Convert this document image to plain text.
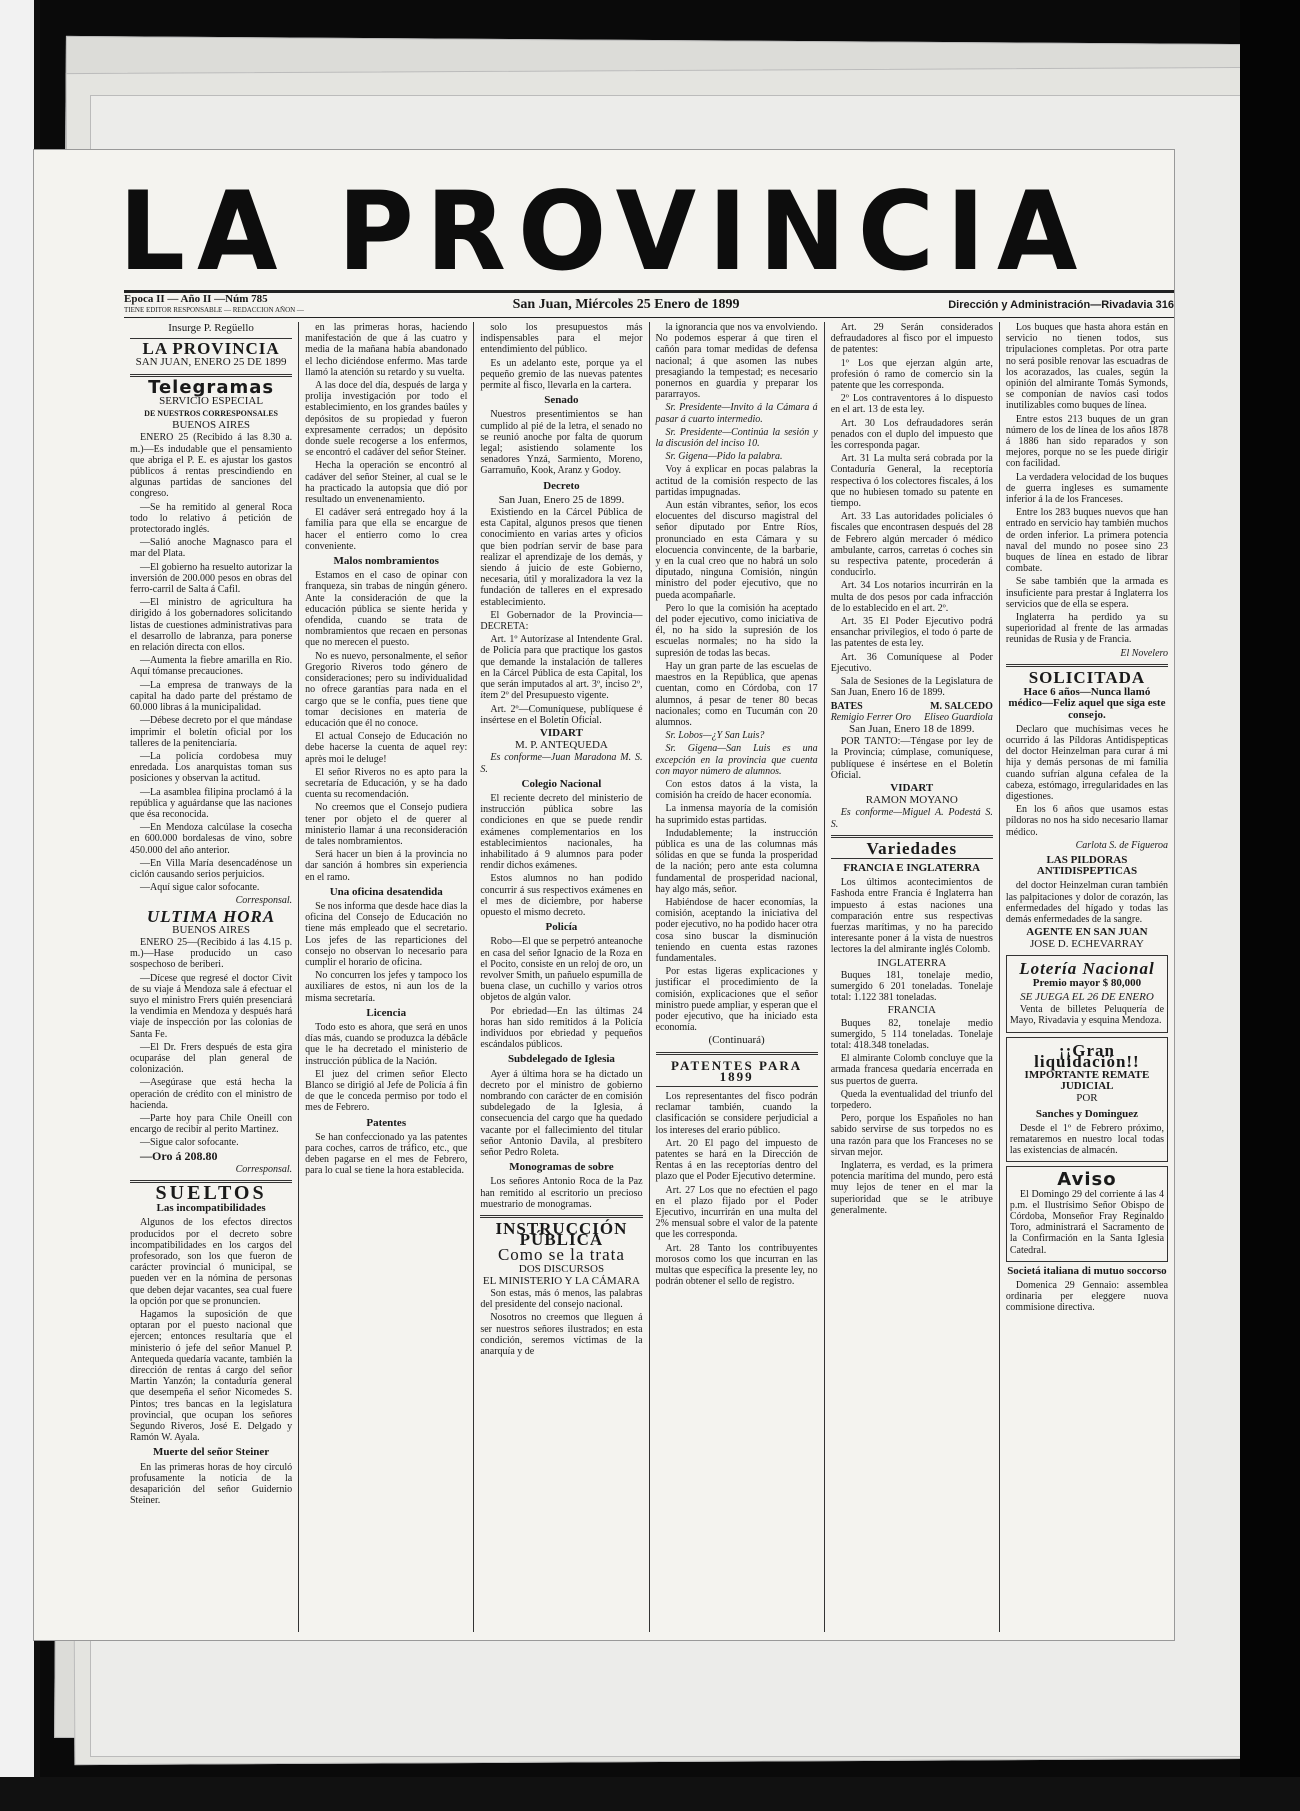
LA PROVINCIA
Epoca II — Año II —Núm 785
TIENE EDITOR RESPONSABLE — REDACCION AÑON —	San Juan, Miércoles 25 Enero de 1899	Dirección y Administración—Rivadavia 316
Insurge P. Regüello
LA PROVINCIA
SAN JUAN, ENERO 25 DE 1899
Telegramas
SERVICIO ESPECIAL
DE NUESTROS CORRESPONSALES
BUENOS AIRES

ENERO 25 (Recibido á las 8.30 a. m.)—Es indudable que el pensamiento que abriga el P. E. es ajustar los gastos públicos á rentas prescindiendo en algunas partidas de sanciones del congreso.

—Se ha remitido al general Roca todo lo relativo á petición de protectorado inglés.

—Salió anoche Magnasco para el mar del Plata.

—El gobierno ha resuelto autorizar la inversión de 200.000 pesos en obras del ferro-carril de Salta á Cafil.

—El ministro de agricultura ha dirigido á los gobernadores solicitando listas de cuestiones administrativas para el desarrollo de labranza, para ponerse en relación directa con ellos.

—Aumenta la fiebre amarilla en Rio. Aquí tómanse precauciones.

—La empresa de tranways de la capital ha dado parte del préstamo de 60.000 libras á la municipalidad.

—Débese decreto por el que mándase imprimir el boletín oficial por los talleres de la penitenciaría.

—La policía cordobesa muy enredada. Los anarquistas toman sus posiciones y observan la actitud.

—La asamblea filipina proclamó á la república y aguárdanse que las naciones que ésa reconocida.

—En Mendoza calcúlase la cosecha en 600.000 bordalesas de vino, sobre 450.000 del año anterior.

—En Villa María desencadénose un ciclón causando serios perjuicios.

—Aquí sigue calor sofocante.

Corresponsal.
ULTIMA HORA
BUENOS AIRES

ENERO 25—(Recibido á las 4.15 p. m.)—Hase producido un caso sospechoso de beriberi.

—Dícese que regresé el doctor Civit de su viaje á Mendoza sale á efectuar el suyo el ministro Frers quién presenciará la vendimia en Mendoza y después hará viaje de inspección por las colonias de Santa Fe.

—El Dr. Frers después de esta gira ocuparáse del plan general de colonización.

—Asegúrase que está hecha la operación de crédito con el ministro de hacienda.

—Parte hoy para Chile Oneill con encargo de recibir al perito Martinez.

—Sigue calor sofocante.

—Oro á 208.80

Corresponsal.
SUELTOS
Las incompatibilidades

Algunos de los efectos directos producidos por el decreto sobre incompatibilidades en los cargos del profesorado, son los que fueron de carácter provincial ó municipal, se pueden ver en la nómina de personas que deben dejar vacantes, sea cual fuere la opción por que se pronuncien.

Hagamos la suposición de que optaran por el puesto nacional que ejercen; entonces resultaría que el ministerio ó jefe del señor Manuel P. Antequeda quedaría vacante, también la dirección de rentas á cargo del señor Martin Yanzón; la contaduría general que desempeña el señor Nicomedes S. Pintos; tres bancas en la legislatura provincial, que ocupan los señores Segundo Riveros, José E. Delgado y Ramón W. Ayala.

Muerte del señor Steiner

En las primeras horas de hoy circuló profusamente la noticia de la desaparición del señor Guidernio Steiner.

en las primeras horas, haciendo manifestación de que á las cuatro y media de la mañana había abandonado el lecho diciéndose enfermo. Mas tarde llamó la atención su retardo y su vuelta.

A las doce del día, después de larga y prolija investigación por todo el establecimiento, en los grandes baúles y depósitos de su propiedad y fueron expresamente cerrados; un depósito donde suele recogerse a los enfermos, se encontró el cadáver del señor Steiner.

Hecha la operación se encontró al cadáver del señor Steiner, al cual se le ha practicado la autopsia que dió por resultado un envenenamiento.

El cadáver será entregado hoy á la familia para que ella se encargue de hacer el entierro como lo crea conveniente.

Malos nombramientos

Estamos en el caso de opinar con franqueza, sin trabas de ningún género. Ante la consideración de que la educación pública se siente herida y ofendida, cuando se trata de nombramientos que recaen en personas que no merecen el puesto.

No es nuevo, personalmente, el señor Gregorio Riveros todo género de consideraciones; pero su individualidad no ofrece garantías para nada en el cargo que se le confía, pues tiene que tomar decisiones en materia de educación que él no conoce.

El actual Consejo de Educación no debe hacerse la cuenta de aquel rey: après moi le deluge!

El señor Riveros no es apto para la secretaría de Educación, y se ha dado cuenta su recomendación.

No creemos que el Consejo pudiera tener por objeto el de querer al ministerio llamar á una reconsideración de tales nombramientos.

Será hacer un bien á la provincia no dar sanción á hombres sin experiencia en el ramo.

Una oficina desatendida

Se nos informa que desde hace dias la oficina del Consejo de Educación no tiene más empleado que el secretario. Los jefes de las reparticiones del consejo no observan lo necesario para cumplir el horario de oficina.

No concurren los jefes y tampoco los auxiliares de estos, ni aun los de la misma secretaría.

Licencia

Todo esto es ahora, que será en unos días más, cuando se produzca la débâcle que le ha decretado el ministerio de instrucción pública de la Nación.

El juez del crimen señor Electo Blanco se dirigió al Jefe de Policía á fin de que le conceda permiso por todo el mes de Febrero.

Patentes

Se han confeccionado ya las patentes para coches, carros de tráfico, etc., que deben pagarse en el mes de Febrero, para lo cual se tiene la hora establecida.

solo los presupuestos más indispensables para el mejor entendimiento del público.

Es un adelanto este, porque ya el pequeño gremio de las nuevas patentes permite al fisco, llevarla en la cartera.

Senado

Nuestros presentimientos se han cumplido al pié de la letra, el senado no se reunió anoche por falta de quorum legal; asistiendo solamente los senadores Ynzá, Sarmiento, Moreno, Garramuño, Kook, Aranz y Godoy.

Decreto
San Juan, Enero 25 de 1899.

Existiendo en la Cárcel Pública de esta Capital, algunos presos que tienen conocimiento en varias artes y oficios que bien podrían servir de base para realizar el aprendizaje de los demás, y siendo á juicio de este Gobierno, necesaria, útil y moralizadora la vez la fundación de talleres en el expresado establecimiento.

El Gobernador de la Provincia—DECRETA:

Art. 1º Autorízase al Intendente Gral. de Policía para que practique los gastos que demande la instalación de talleres en la Cárcel Pública de esta Capital, los que serán imputados al art. 3º, inciso 2º, ítem 2º del Presupuesto vigente.

Art. 2º—Comuníquese, publíquese é insértese en el Boletín Oficial.

VIDART
M. P. ANTEQUEDA

Es conforme—Juan Maradona M. S. S.

Colegio Nacional

El reciente decreto del ministerio de instrucción pública sobre las condiciones en que se puede rendir exámenes complementarios en los establecimientos nacionales, ha inhabilitado á 9 alumnos para poder rendir dichos exámenes.

Estos alumnos no han podido concurrir á sus respectivos exámenes en el mes de diciembre, por haberse opuesto el mismo decreto.

Policía

Robo—El que se perpetró anteanoche en casa del señor Ignacio de la Roza en el Pocito, consiste en un reloj de oro, un revolver Smith, un pañuelo espumilla de buena clase, un cuchillo y varios otros objetos de algún valor.

Por ebriedad—En las últimas 24 horas han sido remitidos á la Policía individuos por ebriedad y pequeños escándalos públicos.

Subdelegado de Iglesia

Ayer á última hora se ha dictado un decreto por el ministro de gobierno nombrando con carácter de en comisión subdelegado de la Iglesia, á consecuencia del cargo que ha quedado vacante por el fallecimiento del titular señor Antonio Davila, al presbítero señor Pedro Roleta.

Monogramas de sobre

Los señores Antonio Roca de la Paz han remitido al escritorio un precioso muestrario de monogramas.

INSTRUCCIÓN PÚBLICA
Como se la trata
DOS DISCURSOS
EL MINISTERIO Y LA CÁMARA

Son estas, más ó menos, las palabras del presidente del consejo nacional.

Nosotros no creemos que lleguen á ser nuestros señores ilustrados; en esta condición, seremos víctimas de la anarquía y de

la ignorancia que nos va envolviendo. No podemos esperar á que tiren el cañón para tomar medidas de defensa nacional; á que asomen las nubes presagiando la tempestad; es necesario ponernos en guardia y preparar los pararrayos.

Sr. Presidente—Invito á la Cámara á pasar á cuarto intermedio.

Sr. Presidente—Continúa la sesión y la discusión del inciso 10.

Sr. Gigena—Pido la palabra.

Voy á explicar en pocas palabras la actitud de la comisión respecto de las partidas impugnadas.

Aun están vibrantes, señor, los ecos elocuentes del discurso magistral del señor diputado por Entre Ríos, pronunciado en esta Cámara y su elocuencia convincente, de la barbarie, y en la cual creo que no habrá un solo diputado, ninguna Comisión, ningún ministro del poder ejecutivo, que no pueda acompañarle.

Pero lo que la comisión ha aceptado del poder ejecutivo, como iniciativa de él, no ha sido la supresión de los escuelas normales; no ha sido la supresión de todas las becas.

Hay un gran parte de las escuelas de maestros en la República, que apenas cuentan, como en Córdoba, con 17 alumnos, á pesar de tener 80 becas nacionales; como en Tucumán con 20 alumnos.

Sr. Lobos—¿Y San Luis?

Sr. Gigena—San Luis es una excepción en la provincia que cuenta con mayor número de alumnos.

Con estos datos á la vista, la comisión ha creído de hacer economía.

La inmensa mayoría de la comisión ha suprimido estas partidas.

Indudablemente; la instrucción pública es una de las columnas más sólidas en que se funda la prosperidad de la nación; pero ante esta columna fundamental de prosperidad nacional, hay algo más, señor.

Habiéndose de hacer economías, la comisión, aceptando la iniciativa del poder ejecutivo, no ha podido hacer otra cosa sino buscar la disminución teniendo en cuenta estas razones fundamentales.

Por estas ligeras explicaciones y justificar el procedimiento de la comisión, explicaciones que el señor ministro puede ampliar, y esperan que el poder ejecutivo, que ha iniciado esta economía.

(Continuará)
PATENTES PARA 1899

Los representantes del fisco podrán reclamar también, cuando la clasificación se considere perjudicial a los intereses del erario público.

Art. 20 El pago del impuesto de patentes se hará en la Dirección de Rentas á en las receptorías dentro del plazo que el Poder Ejecutivo determine.

Art. 27 Los que no efectúen el pago en el plazo fijado por el Poder Ejecutivo, incurrirán en una multa del 2% mensual sobre el valor de la patente que les corresponda.

Art. 28 Tanto los contribuyentes morosos como los que incurran en las multas que específica la presente ley, no podrán obtener el sello de registro.

Art. 29 Serán considerados defraudadores al fisco por el impuesto de patentes:

1º Los que ejerzan algún arte, profesión ó ramo de comercio sin la patente que les corresponda.

2º Los contraventores á lo dispuesto en el art. 13 de esta ley.

Art. 30 Los defraudadores serán penados con el duplo del impuesto que les corresponda pagar.

Art. 31 La multa será cobrada por la Contaduría General, la receptoría respectiva ó los colectores fiscales, á los que no hubiesen tomado su patente en tiempo.

Art. 33 Las autoridades policiales ó fiscales que encontrasen después del 28 de Febrero algún mercader ó médico ambulante, carros, carretas ó coches sin su respectiva patente, procederán á conducirlo.

Art. 34 Los notarios incurrirán en la multa de dos pesos por cada infracción de lo establecido en el art. 2º.

Art. 35 El Poder Ejecutivo podrá ensanchar privilegios, el todo ó parte de las patentes de esta ley.

Art. 36 Comuníquese al Poder Ejecutivo.

Sala de Sesiones de la Legislatura de San Juan, Enero 16 de 1899.

BATES
Remigio Ferrer Oro
M. SALCEDO
Eliseo Guardiola
San Juan, Enero 18 de 1899.

POR TANTO:—Téngase por ley de la Provincia; cúmplase, comuníquese, publíquese é insértese en el Boletín Oficial.

VIDART
RAMON MOYANO

Es conforme—Miguel A. Podestá S. S.

Variedades
FRANCIA E INGLATERRA

Los últimos acontecimientos de Fashoda entre Francia é Inglaterra han impuesto á estas naciones una comparación entre sus respectivas fuerzas marítimas, y no ha parecido interesante poner á la vista de nuestros lectores la del almirante inglés Colomb.

INGLATERRA

Buques 181, tonelaje medio, sumergido 6 201 toneladas. Tonelaje total: 1.122 381 toneladas.

FRANCIA

Buques 82, tonelaje medio sumergido, 5 114 toneladas. Tonelaje total: 418.348 toneladas.

El almirante Colomb concluye que la armada francesa quedaría encerrada en sus puertos de guerra.

Queda la eventualidad del triunfo del torpedero.

Pero, porque los Españoles no han sabido servirse de sus torpedos no es una razón para que los Franceses no se sirvan mejor.

Inglaterra, es verdad, es la primera potencia marítima del mundo, pero está muy lejos de tener en el mar la superioridad que se le atribuye generalmente.

Los buques que hasta ahora están en servicio no tienen todos, sus tripulaciones completas. Por otra parte no será posible renovar las escuadras de los acorazados, las cuales, según la opinión del almirante Tomás Symonds, se componían de navíos casi todos inutilizables como buques de línea.

Entre estos 213 buques de un gran número de los de línea de los años 1878 á 1886 han sido reparados y son mejores, porque no se les puede dirigir con facilidad.

La verdadera velocidad de los buques de guerra ingleses es sumamente inferior á la de los Franceses.

Entre los 283 buques nuevos que han entrado en servicio hay también muchos de orden inferior. La primera potencia naval del mundo no posee sino 23 buques de línea en estado de librar combate.

Se sabe también que la armada es insuficiente para prestar á Inglaterra los servicios que de ella se espera.

Inglaterra ha perdido ya su superioridad al frente de las armadas reunidas de Rusia y de Francia.

El Novelero
SOLICITADA
Hace 6 años—Nunca llamó médico—Feliz aquel que siga este consejo.

Declaro que muchísimas veces he ocurrido á las Píldoras Antidispepticas del doctor Heinzelman para curar á mi hija y demás personas de mi familia cuando sufrían alguna cefalea de la cabeza, estómago, irregularidades en las digestiones.

En los 6 años que usamos estas píldoras no nos ha sido necesario llamar médico.

Carlota S. de Figueroa
LAS PILDORAS ANTIDISPEPTICAS

del doctor Heinzelman curan también las palpitaciones y dolor de corazón, las enfermedades del hígado y todas las demás enfermedades de la sangre.

AGENTE EN SAN JUAN
JOSE D. ECHEVARRAY
Lotería Nacional
Premio mayor $ 80,000
SE JUEGA EL 26 DE ENERO

Venta de billetes Peluquería de Mayo, Rivadavia y esquina Mendoza.

¡¡Gran liquidación!!
IMPORTANTE REMATE JUDICIAL
POR
Sanches y Dominguez

Desde el 1º de Febrero próximo, remataremos en nuestro local todas las existencias de almacén.

Aviso

El Domingo 29 del corriente á las 4 p.m. el Ilustrísimo Señor Obispo de Córdoba, Monseñor Fray Reginaldo Toro, administrará el Sacramento de la Confirmación en la Santa Iglesia Catedral.

Societá italiana di mutuo soccorso

Domenica 29 Gennaio: assemblea ordinaria per eleggere nuova commisione directiva.
